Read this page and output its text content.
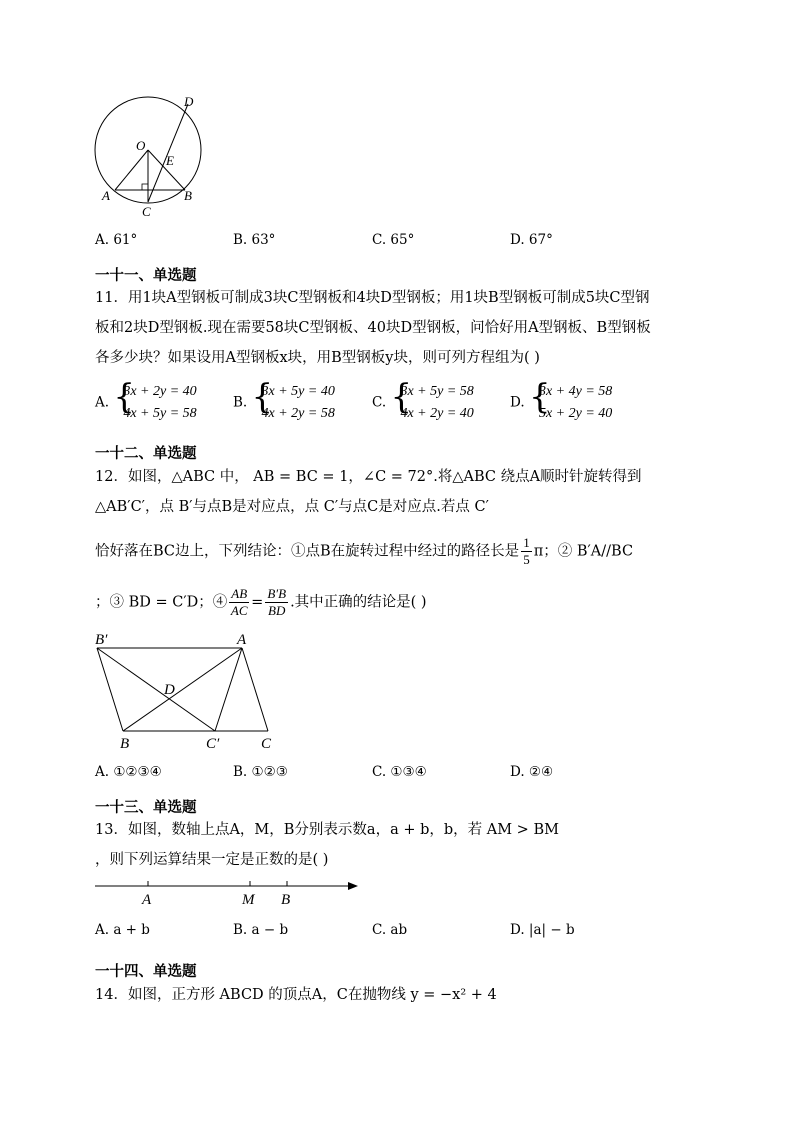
D
O
E
A	B
C
A. 61°	B. 63°	C. 65°	D. 67°
一十一、单选题
11．用1块A型钢板可制成3块C型钢板和4块D型钢板；用1块B型钢板可制成5块C型钢
板和2块D型钢板.现在需要58块C型钢板、40块D型钢板，问恰好用A型钢板、B型钢板
各多少块？如果设用A型钢板x块，用B型钢板y块，则可列方程组为( )
A. {
3x + 2y = 40
4x + 5y = 58
B. {
3x + 5y = 40
4x + 2y = 58
C. {
3x + 5y = 58
4x + 2y = 40
D. {
3x + 4y = 58
5x + 2y = 40
一十二、单选题
12．如图，△ABC 中， AB = BC = 1，∠C = 72°.将△ABC 绕点A顺时针旋转得到
△AB′C′，点 B′与点B是对应点，点 C′与点C是对应点.若点 C′
恰好落在BC边上，下列结论：①点B在旋转过程中经过的路径长是 $\frac{1}{5}$ π；② B′A//BC
；③ BD = C′D；④ $\frac{AB}{AC} = \frac{B'B}{BD}$ .其中正确的结论是( )
B′	A
D
B	C′	C
A. ①②③④	B. ①②③	C. ①③④	D. ②④
一十三、单选题
13．如图，数轴上点A，M，B分别表示数a，a + b，b，若 AM > BM
，则下列运算结果一定是正数的是( )
A	M B
A. a + b	B. a − b	C. ab	D. |a| − b
一十四、单选题
14．如图，正方形 ABCD 的顶点A，C在抛物线 y = −x² + 4
